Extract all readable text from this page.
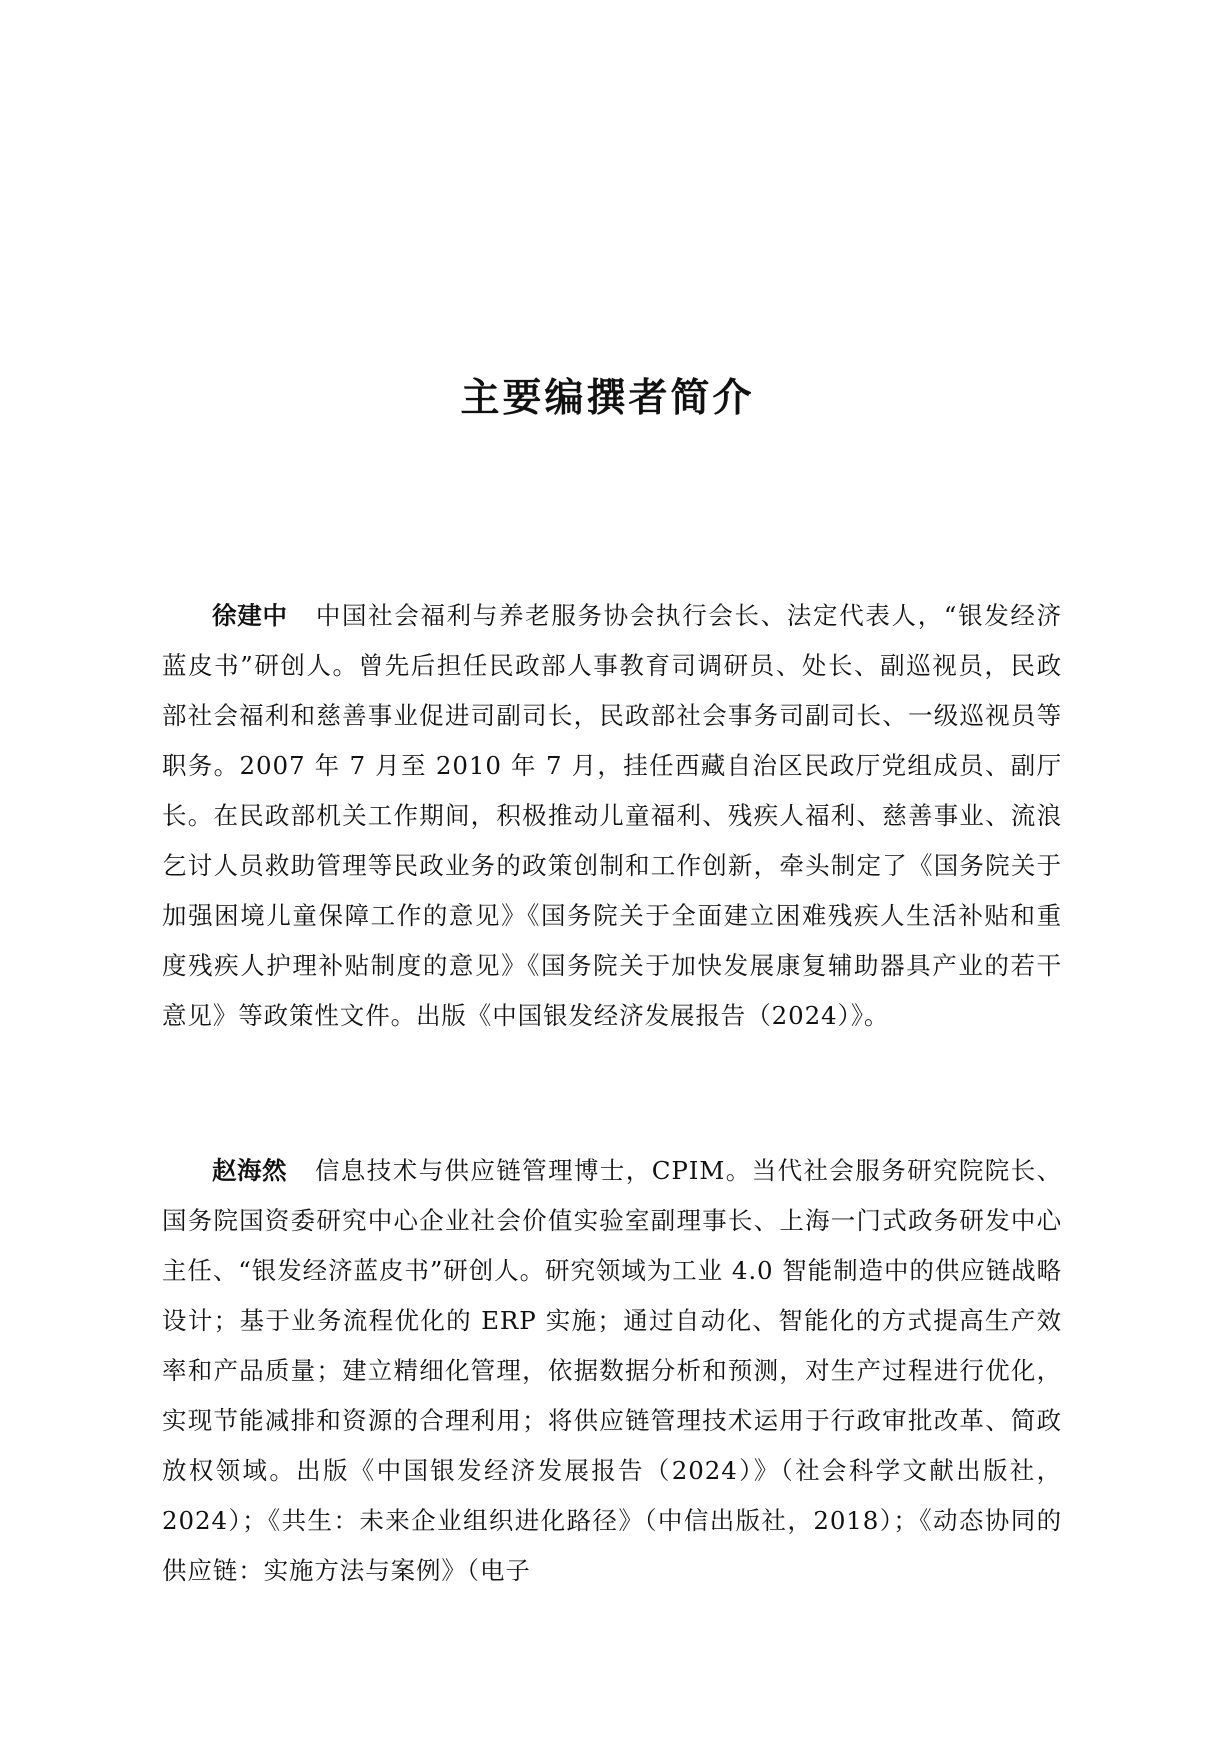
主要编撰者简介

徐建中 中国社会福利与养老服务协会执行会长、法定代表人，“银发经济蓝皮书”研创人。曾先后担任民政部人事教育司调研员、处长、副巡视员，民政部社会福利和慈善事业促进司副司长，民政部社会事务司副司长、一级巡视员等职务。2007 年 7 月至 2010 年 7 月，挂任西藏自治区民政厅党组成员、副厅长。在民政部机关工作期间，积极推动儿童福利、残疾人福利、慈善事业、流浪乞讨人员救助管理等民政业务的政策创制和工作创新，牵头制定了《国务院关于加强困境儿童保障工作的意见》《国务院关于全面建立困难残疾人生活补贴和重度残疾人护理补贴制度的意见》《国务院关于加快发展康复辅助器具产业的若干意见》等政策性文件。出版《中国银发经济发展报告（2024）》。

赵海然 信息技术与供应链管理博士，CPIM。当代社会服务研究院院长、国务院国资委研究中心企业社会价值实验室副理事长、上海一门式政务研发中心主任、“银发经济蓝皮书”研创人。研究领域为工业 4.0 智能制造中的供应链战略设计；基于业务流程优化的 ERP 实施；通过自动化、智能化的方式提高生产效率和产品质量；建立精细化管理，依据数据分析和预测，对生产过程进行优化，实现节能减排和资源的合理利用；将供应链管理技术运用于行政审批改革、简政放权领域。出版《中国银发经济发展报告（2024）》（社会科学文献出版社，2024）；《共生：未来企业组织进化路径》（中信出版社，2018）；《动态协同的供应链：实施方法与案例》（电子
